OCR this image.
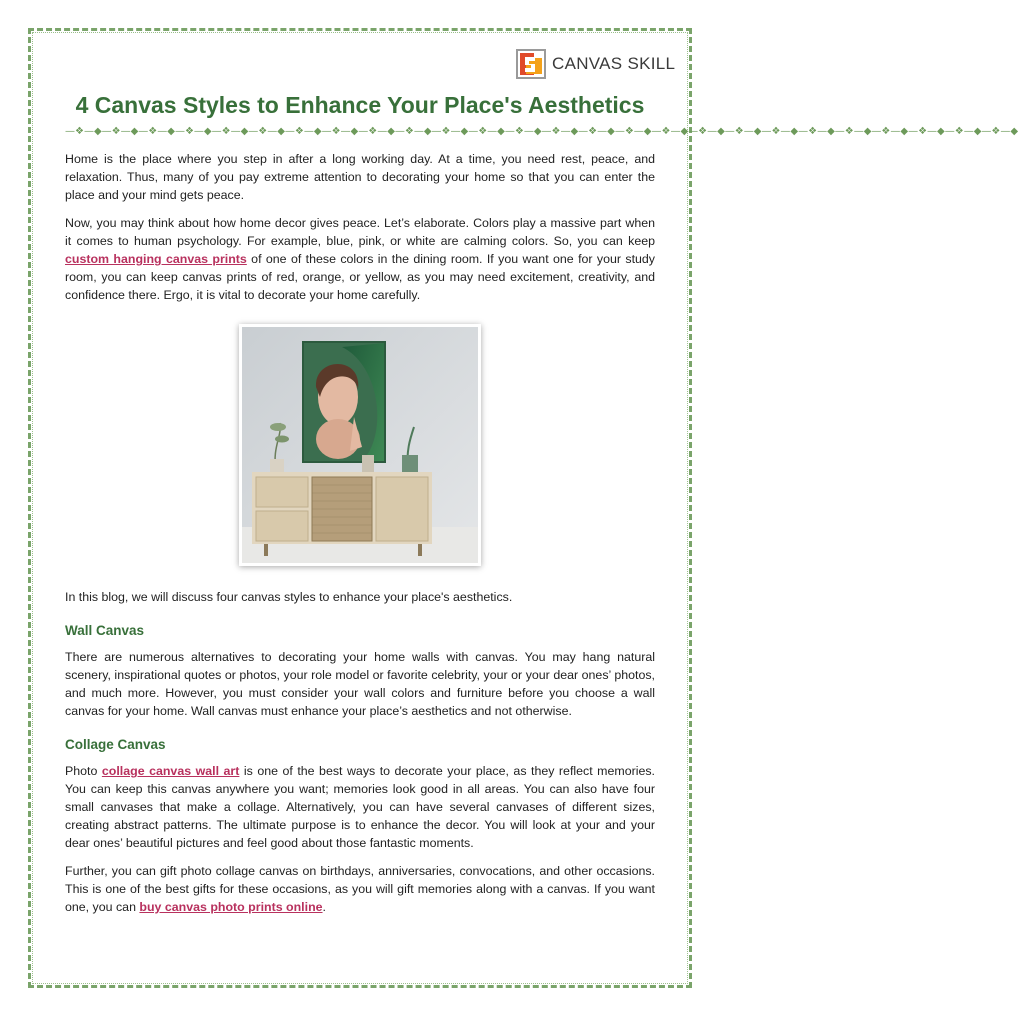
CANVAS SKILL
4 Canvas Styles to Enhance Your Place's Aesthetics
—❖—◆—❖—◆—❖—◆—❖—◆—❖—◆—❖—◆—❖—◆—❖—◆—❖—◆—❖—◆—❖—◆—❖—◆—❖—◆—❖—◆—❖—◆—❖—◆—❖—◆—❖—◆—❖—◆—❖—◆—❖—◆—❖—◆—❖—◆—❖—◆—❖—◆—❖—◆

Home is the place where you step in after a long working day. At a time, you need rest, peace, and relaxation. Thus, many of you pay extreme attention to decorating your home so that you can enter the place and your mind gets peace.

Now, you may think about how home decor gives peace. Let’s elaborate. Colors play a massive part when it comes to human psychology. For example, blue, pink, or white are calming colors. So, you can keep custom hanging canvas prints of one of these colors in the dining room. If you want one for your study room, you can keep canvas prints of red, orange, or yellow, as you may need excitement, creativity, and confidence there. Ergo, it is vital to decorate your home carefully.

In this blog, we will discuss four canvas styles to enhance your place's aesthetics.

Wall Canvas

There are numerous alternatives to decorating your home walls with canvas. You may hang natural scenery, inspirational quotes or photos, your role model or favorite celebrity, your or your dear ones’ photos, and much more. However, you must consider your wall colors and furniture before you choose a wall canvas for your home. Wall canvas must enhance your place’s aesthetics and not otherwise.

Collage Canvas

Photo collage canvas wall art is one of the best ways to decorate your place, as they reflect memories. You can keep this canvas anywhere you want; memories look good in all areas. You can also have four small canvases that make a collage. Alternatively, you can have several canvases of different sizes, creating abstract patterns. The ultimate purpose is to enhance the decor. You will look at your and your dear ones’ beautiful pictures and feel good about those fantastic moments.

Further, you can gift photo collage canvas on birthdays, anniversaries, convocations, and other occasions. This is one of the best gifts for these occasions, as you will gift memories along with a canvas. If you want one, you can buy canvas photo prints online.
